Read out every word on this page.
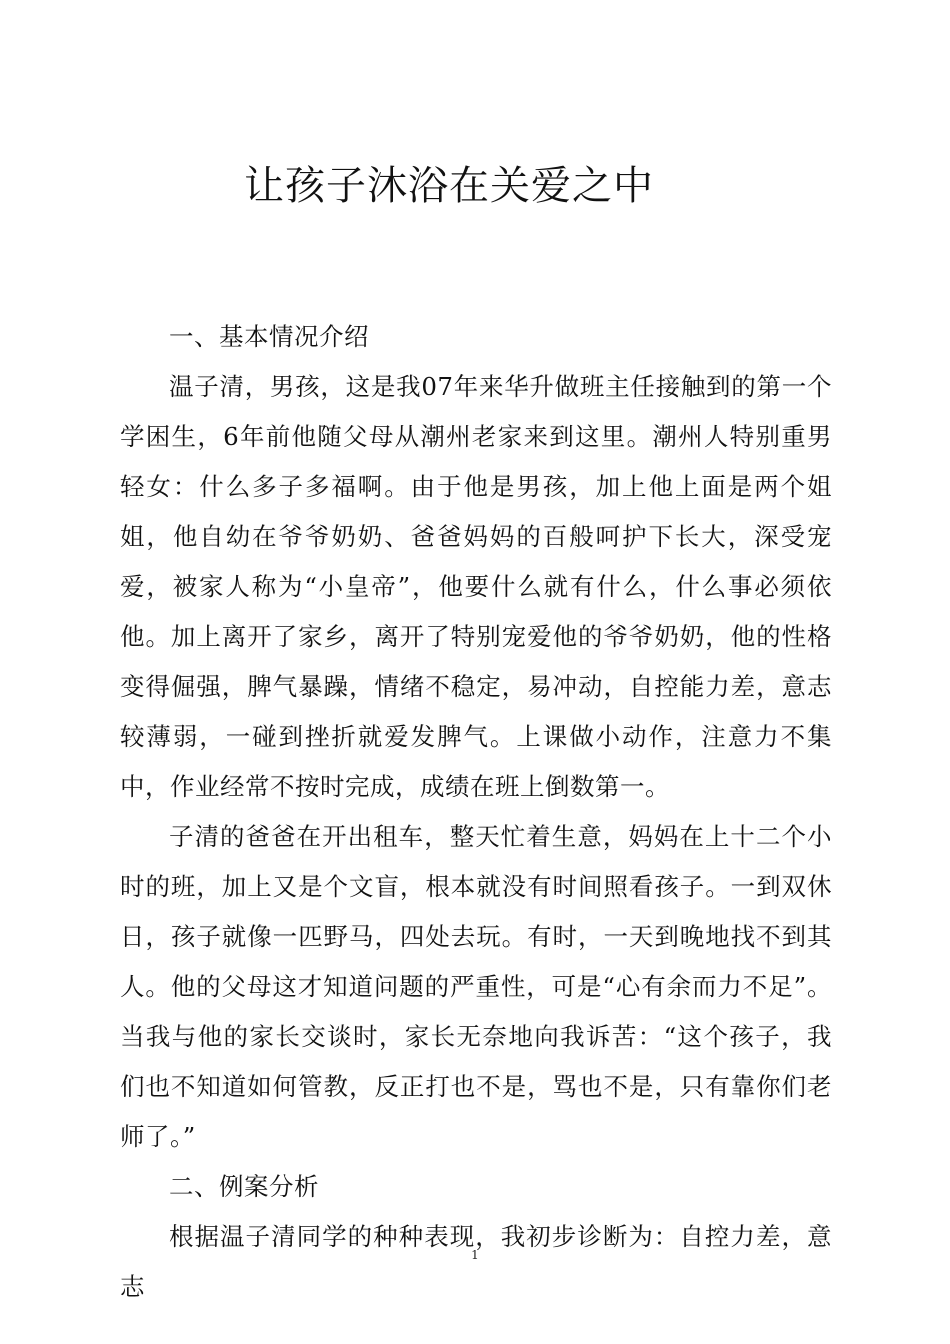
让孩子沐浴在关爱之中

一、基本情况介绍

温子清，男孩，这是我07年来华升做班主任接触到的第一个学困生，6年前他随父母从潮州老家来到这里。潮州人特别重男轻女：什么多子多福啊。由于他是男孩，加上他上面是两个姐姐，他自幼在爷爷奶奶、爸爸妈妈的百般呵护下长大，深受宠爱，被家人称为“小皇帝”，他要什么就有什么，什么事必须依他。加上离开了家乡，离开了特别宠爱他的爷爷奶奶，他的性格变得倔强，脾气暴躁，情绪不稳定，易冲动，自控能力差，意志较薄弱，一碰到挫折就爱发脾气。上课做小动作，注意力不集中，作业经常不按时完成，成绩在班上倒数第一。

子清的爸爸在开出租车，整天忙着生意，妈妈在上十二个小时的班，加上又是个文盲，根本就没有时间照看孩子。一到双休日，孩子就像一匹野马，四处去玩。有时，一天到晚地找不到其人。他的父母这才知道问题的严重性，可是“心有余而力不足”。当我与他的家长交谈时，家长无奈地向我诉苦：“这个孩子，我们也不知道如何管教，反正打也不是，骂也不是，只有靠你们老师了。”

二、例案分析

根据温子清同学的种种表现，我初步诊断为：自控力差，意志

1
